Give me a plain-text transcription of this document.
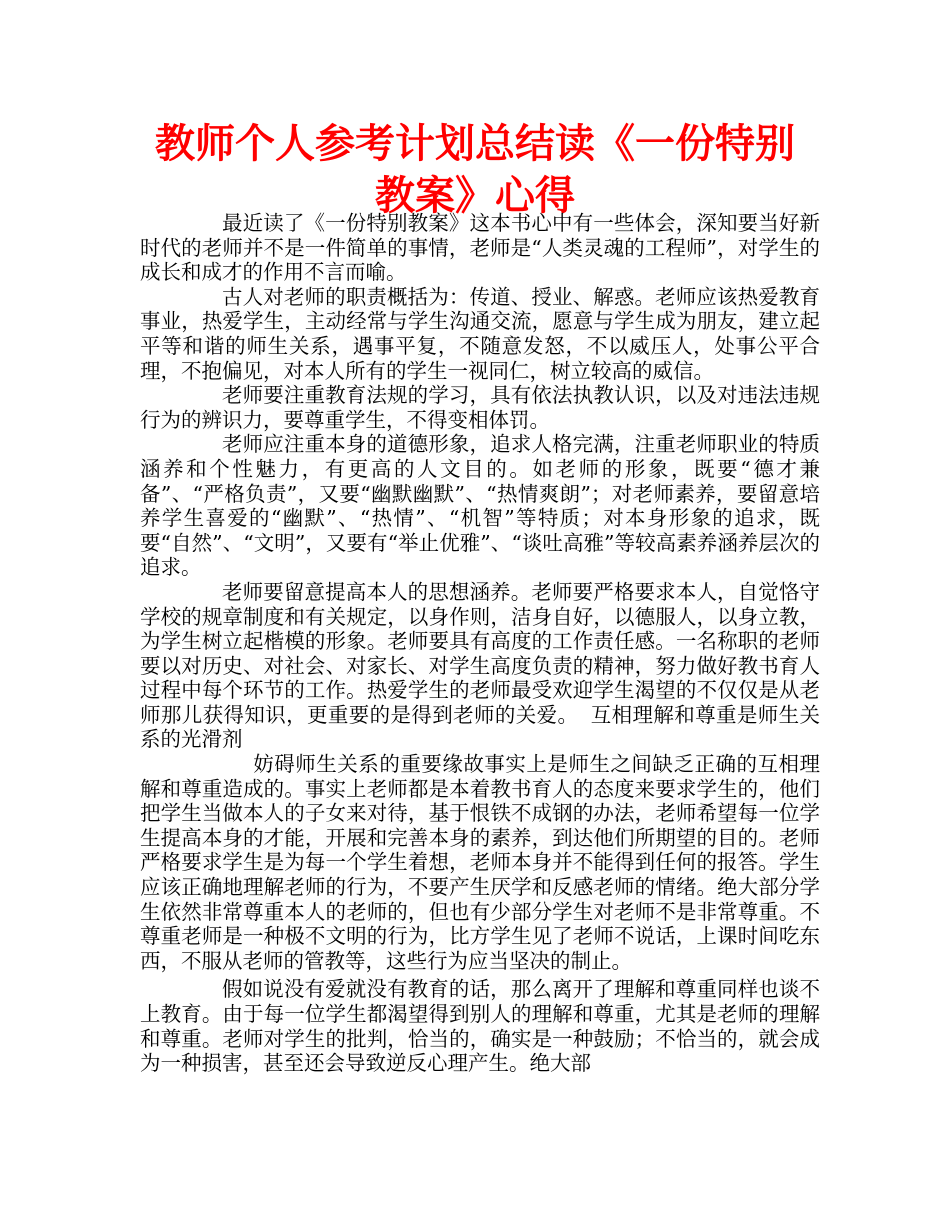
教师个人参考计划总结读《一份特别教案》心得

最近读了《一份特别教案》这本书心中有一些体会，深知要当好新时代的老师并不是一件简单的事情，老师是“人类灵魂的工程师”，对学生的成长和成才的作用不言而喻。

古人对老师的职责概括为：传道、授业、解惑。老师应该热爱教育事业，热爱学生，主动经常与学生沟通交流，愿意与学生成为朋友，建立起平等和谐的师生关系，遇事平复，不随意发怒，不以威压人，处事公平合理，不抱偏见，对本人所有的学生一视同仁，树立较高的威信。

老师要注重教育法规的学习，具有依法执教认识，以及对违法违规行为的辨识力，要尊重学生，不得变相体罚。

老师应注重本身的道德形象，追求人格完满，注重老师职业的特质涵养和个性魅力，有更高的人文目的。如老师的形象，既要“德才兼备”、“严格负责”，又要“幽默幽默”、“热情爽朗”；对老师素养，要留意培养学生喜爱的“幽默”、“热情”、“机智”等特质；对本身形象的追求，既要“自然”、“文明”，又要有“举止优雅”、“谈吐高雅”等较高素养涵养层次的追求。

老师要留意提高本人的思想涵养。老师要严格要求本人，自觉恪守学校的规章制度和有关规定，以身作则，洁身自好，以德服人，以身立教，为学生树立起楷模的形象。老师要具有高度的工作责任感。一名称职的老师要以对历史、对社会、对家长、对学生高度负责的精神，努力做好教书育人过程中每个环节的工作。热爱学生的老师最受欢迎学生渴望的不仅仅是从老师那儿获得知识，更重要的是得到老师的关爱。 互相理解和尊重是师生关系的光滑剂

妨碍师生关系的重要缘故事实上是师生之间缺乏正确的互相理解和尊重造成的。事实上老师都是本着教书育人的态度来要求学生的，他们把学生当做本人的子女来对待，基于恨铁不成钢的办法，老师希望每一位学生提高本身的才能，开展和完善本身的素养，到达他们所期望的目的。老师严格要求学生是为每一个学生着想，老师本身并不能得到任何的报答。学生应该正确地理解老师的行为，不要产生厌学和反感老师的情绪。绝大部分学生依然非常尊重本人的老师的，但也有少部分学生对老师不是非常尊重。不尊重老师是一种极不文明的行为，比方学生见了老师不说话，上课时间吃东西，不服从老师的管教等，这些行为应当坚决的制止。

假如说没有爱就没有教育的话，那么离开了理解和尊重同样也谈不上教育。由于每一位学生都渴望得到别人的理解和尊重，尤其是老师的理解和尊重。老师对学生的批判，恰当的，确实是一种鼓励；不恰当的，就会成为一种损害，甚至还会导致逆反心理产生。绝大部
